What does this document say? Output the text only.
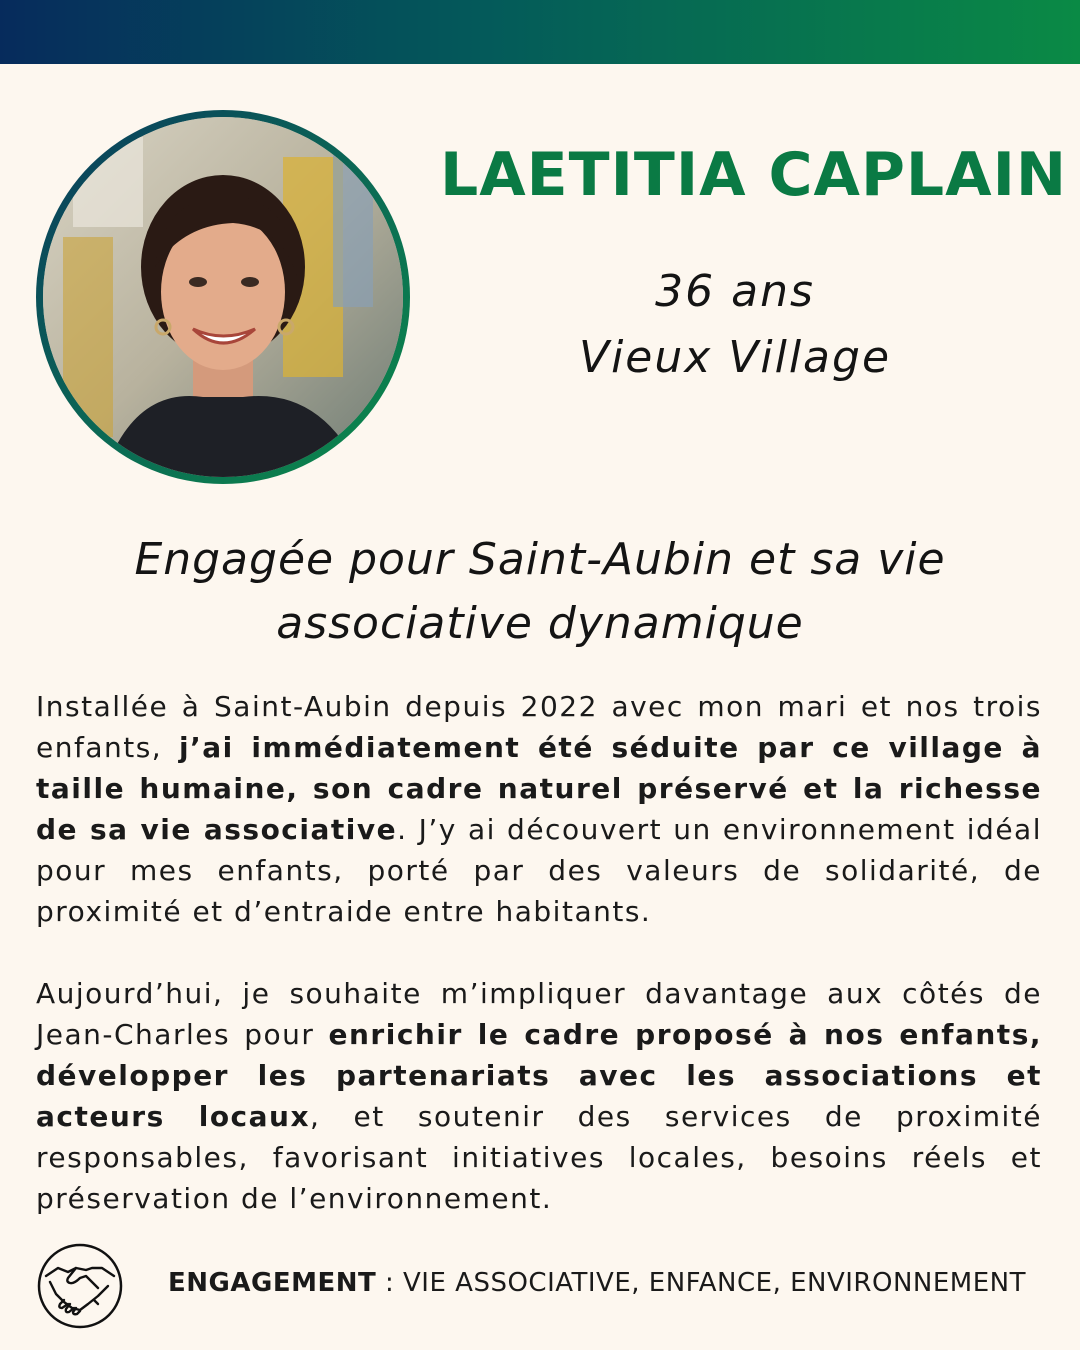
LAETITIA CAPLAIN
36 ans
Vieux Village
Engagée pour Saint-Aubin et sa vie associative dynamique

Installée à Saint-Aubin depuis 2022 avec mon mari et nos trois enfants, j’ai immédiatement été séduite par ce village à taille humaine, son cadre naturel préservé et la richesse de sa vie associative. J’y ai découvert un environnement idéal pour mes enfants, porté par des valeurs de solidarité, de proximité et d’entraide entre habitants.

Aujourd’hui, je souhaite m’impliquer davantage aux côtés de Jean-Charles pour enrichir le cadre proposé à nos enfants, développer les partenariats avec les associations et acteurs locaux, et soutenir des services de proximité responsables, favorisant initiatives locales, besoins réels et préservation de l’environnement.

ENGAGEMENT : VIE ASSOCIATIVE, ENFANCE, ENVIRONNEMENT
